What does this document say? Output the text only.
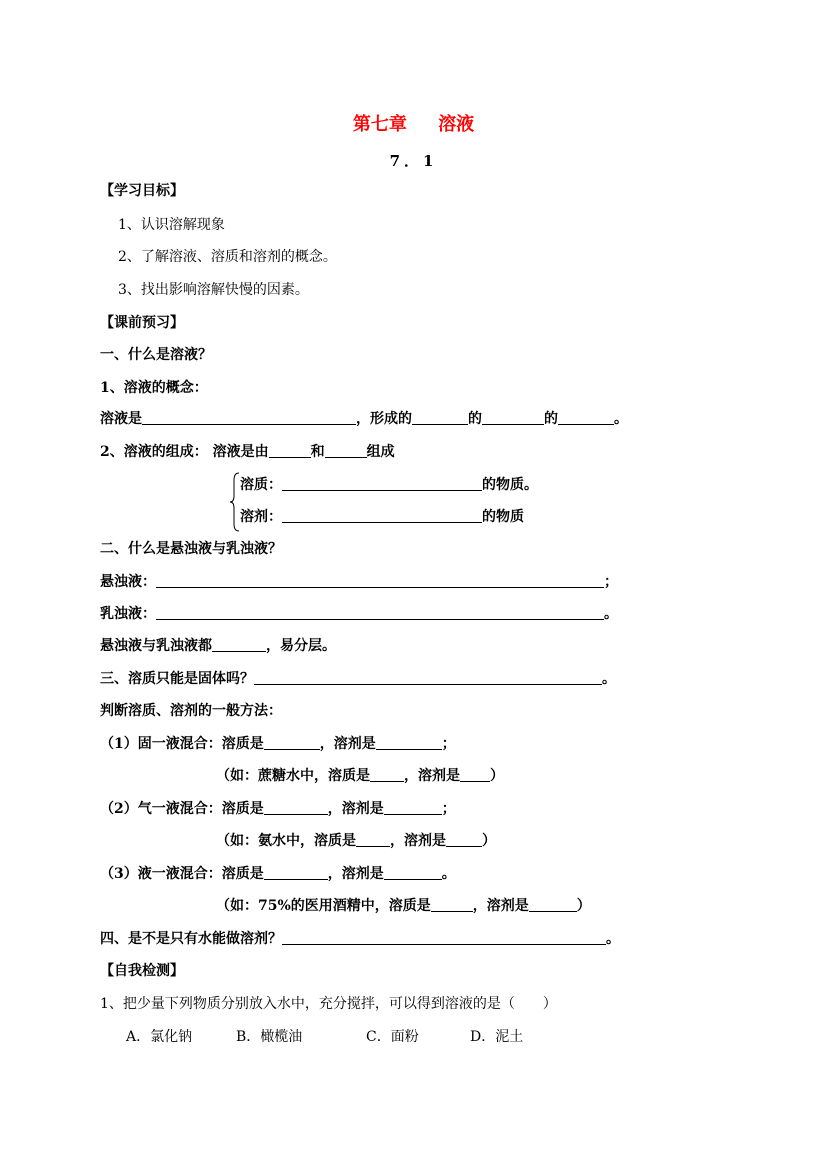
第七章     溶液
7．1
【学习目标】
1、认识溶解现象
2、了解溶液、溶质和溶剂的概念。
3、找出影响溶解快慢的因素。
【课前预习】
一、什么是溶液？
1、溶液的概念：
溶液是	，形成的	的	的	。
2、溶液的组成： 溶液是由	和	组成
溶质：	的物质。
溶剂：	的物质
二、什么是悬浊液与乳浊液？
悬浊液：	；
乳浊液：	。
悬浊液与乳浊液都	，易分层。
三、溶质只能是固体吗？	。
判断溶质、溶剂的一般方法：
（1）固一液混合：溶质是	，溶剂是	；
（如：蔗糖水中，溶质是 ，溶剂是 ）
（2）气一液混合：溶质是	，溶剂是	；
（如：氨水中，溶质是 ，溶剂是	）
（3）液一液混合：溶质是	，溶剂是	。
（如：75%的医用酒精中，溶质是	，溶剂是	）
四、是不是只有水能做溶剂？	。
【自我检测】
1、把少量下列物质分别放入水中，充分搅拌，可以得到溶液的是（　　）
A．氯化钠	B．橄榄油	C．面粉	D．泥土
